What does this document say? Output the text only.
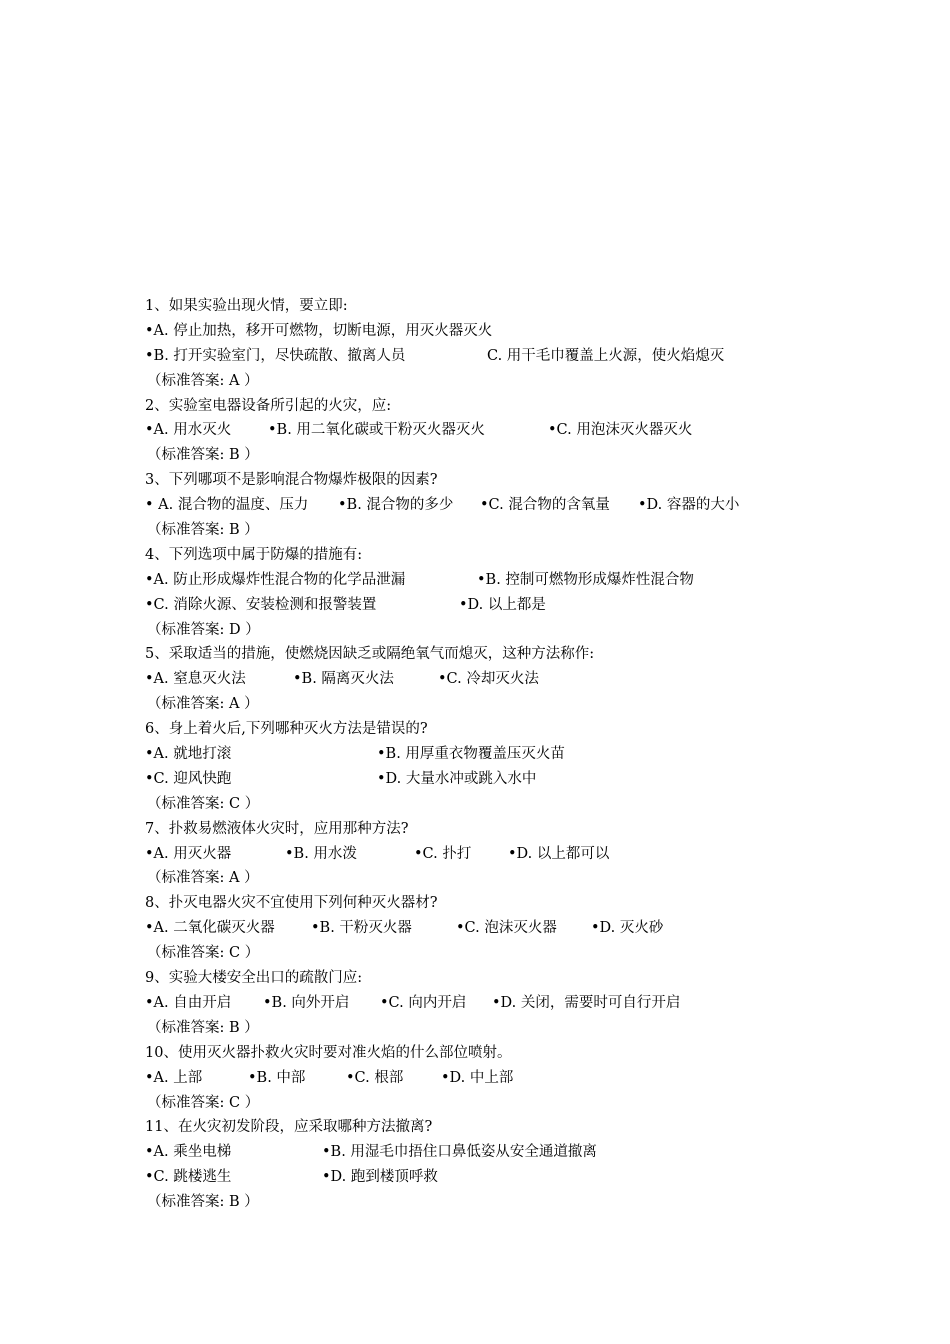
1、如果实验出现火情，要立即:
•A. 停止加热，移开可燃物，切断电源，用灭火器灭火
•B. 打开实验室门，尽快疏散、撤离人员	C. 用干毛巾覆盖上火源，使火焰熄灭
（标准答案: A ）
2、实验室电器设备所引起的火灾，应:
•A. 用水灭火	•B. 用二氧化碳或干粉灭火器灭火	•C. 用泡沫灭火器灭火
（标准答案: B ）
3、下列哪项不是影响混合物爆炸极限的因素?
• A. 混合物的温度、压力 •B. 混合物的多少 •C. 混合物的含氧量 •D. 容器的大小
（标准答案: B ）
4、下列选项中属于防爆的措施有:
•A. 防止形成爆炸性混合物的化学品泄漏	•B. 控制可燃物形成爆炸性混合物
•C. 消除火源、安装检测和报警装置	•D. 以上都是
（标准答案: D ）
5、采取适当的措施，使燃烧因缺乏或隔绝氧气而熄灭，这种方法称作:
•A. 窒息灭火法	•B. 隔离灭火法	•C. 冷却灭火法
（标准答案: A ）
6、身上着火后,下列哪种灭火方法是错误的?
•A. 就地打滚	•B. 用厚重衣物覆盖压灭火苗
•C. 迎风快跑	•D. 大量水冲或跳入水中
（标准答案: C ）
7、扑救易燃液体火灾时，应用那种方法?
•A. 用灭火器	•B. 用水泼	•C. 扑打	•D. 以上都可以
（标准答案: A ）
8、扑灭电器火灾不宜使用下列何种灭火器材?
•A. 二氧化碳灭火器	•B. 干粉灭火器	•C. 泡沫灭火器 •D. 灭火砂
（标准答案: C ）
9、实验大楼安全出口的疏散门应:
•A. 自由开启 •B. 向外开启 •C. 向内开启 •D. 关闭，需要时可自行开启
（标准答案: B ）
10、使用灭火器扑救火灾时要对准火焰的什么部位喷射。
•A. 上部	•B. 中部	•C. 根部	•D. 中上部
（标准答案: C ）
11、在火灾初发阶段，应采取哪种方法撤离?
•A. 乘坐电梯	•B. 用湿毛巾捂住口鼻低姿从安全通道撤离
•C. 跳楼逃生	•D. 跑到楼顶呼救
（标准答案: B ）
